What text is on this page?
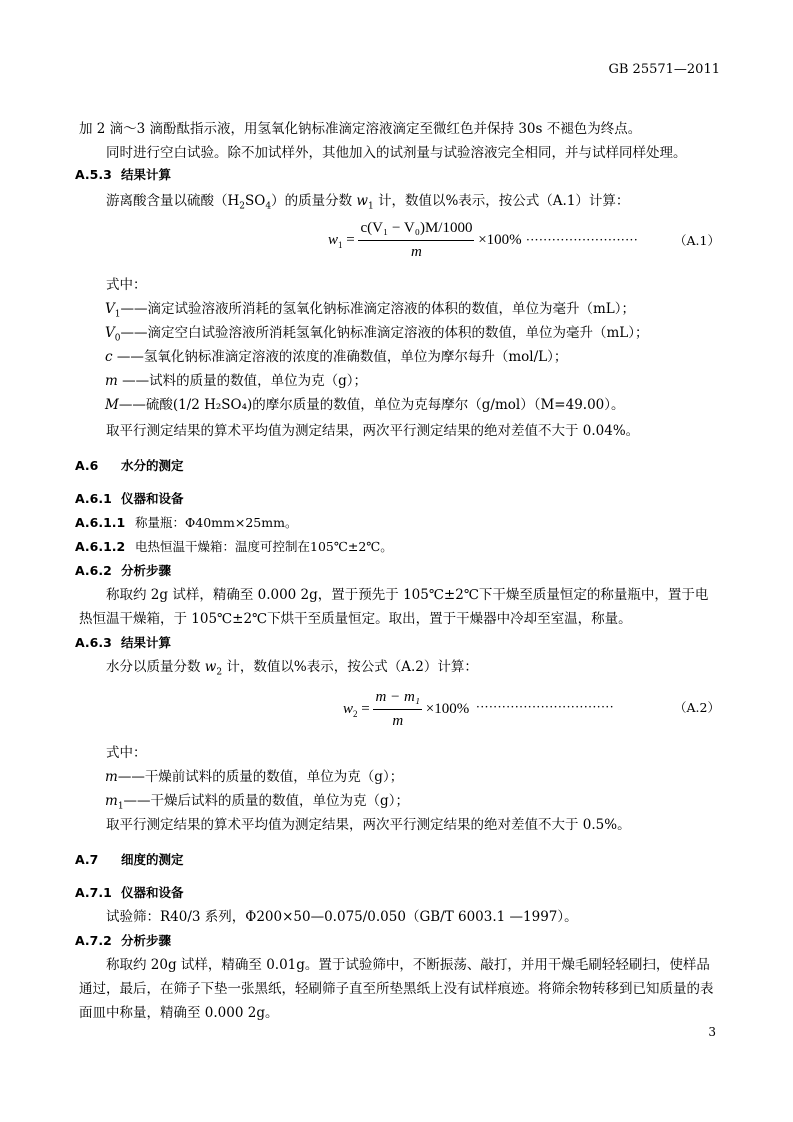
GB 25571—2011
加 2 滴～3 滴酚酞指示液，用氢氧化钠标准滴定溶液滴定至微红色并保持 30s 不褪色为终点。
同时进行空白试验。除不加试样外，其他加入的试剂量与试验溶液完全相同，并与试样同样处理。
A.5.3 结果计算
游离酸含量以硫酸$(H_2SO_4)$的质量分数 $w_1$ 计，数值以%表示，按公式（A.1）计算：
$w_1 = \frac{\text{c(V₁ − V₀)M/1000}}{m} \times 100\%$ ··························	（A.1）
式中：
$V_1——$滴定试验溶液所消耗的氢氧化钠标准滴定溶液的体积的数值，单位为毫升（mL）；
$V_0——$滴定空白试验溶液所消耗氢氧化钠标准滴定溶液的体积的数值，单位为毫升（mL）；
c ——氢氧化钠标准滴定溶液的浓度的准确数值，单位为摩尔每升（mol/L）；
m ——试料的质量的数值，单位为克（g）；
M——硫酸(1/2 H₂SO₄)的摩尔质量的数值，单位为克每摩尔（g/mol）（M=49.00）。
取平行测定结果的算术平均值为测定结果，两次平行测定结果的绝对差值不大于 0.04%。
A.6 水分的测定
A.6.1 仪器和设备
A.6.1.1 称量瓶：Φ40mm×25mm。
A.6.1.2 电热恒温干燥箱：温度可控制在105℃±2℃。
A.6.2 分析步骤
称取约 2g 试样，精确至 0.000 2g，置于预先于 105℃±2℃下干燥至质量恒定的称量瓶中，置于电热恒温干燥箱，于 105℃±2℃下烘干至质量恒定。取出，置于干燥器中冷却至室温，称量。
A.6.3 结果计算
水分以质量分数 $w_2$ 计，数值以%表示，按公式（A.2）计算：
$w_2 = \frac{\text{m − m₁}}{m} \times 100\%$ ································	（A.2）
式中：
m——干燥前试料的质量的数值，单位为克（g）；
$m_1——$干燥后试料的质量的数值，单位为克（g）；
取平行测定结果的算术平均值为测定结果，两次平行测定结果的绝对差值不大于 0.5%。
A.7 细度的测定
A.7.1 仪器和设备
试验筛：R40/3 系列，Φ200×50—0.075/0.050（GB/T 6003.1 —1997）。
A.7.2 分析步骤
称取约 20g 试样，精确至 0.01g。置于试验筛中，不断振荡、敲打，并用干燥毛刷轻轻刷扫，使样品通过，最后，在筛子下垫一张黑纸，轻刷筛子直至所垫黑纸上没有试样痕迹。将筛余物转移到已知质量的表面皿中称量，精确至 0.000 2g。
3
